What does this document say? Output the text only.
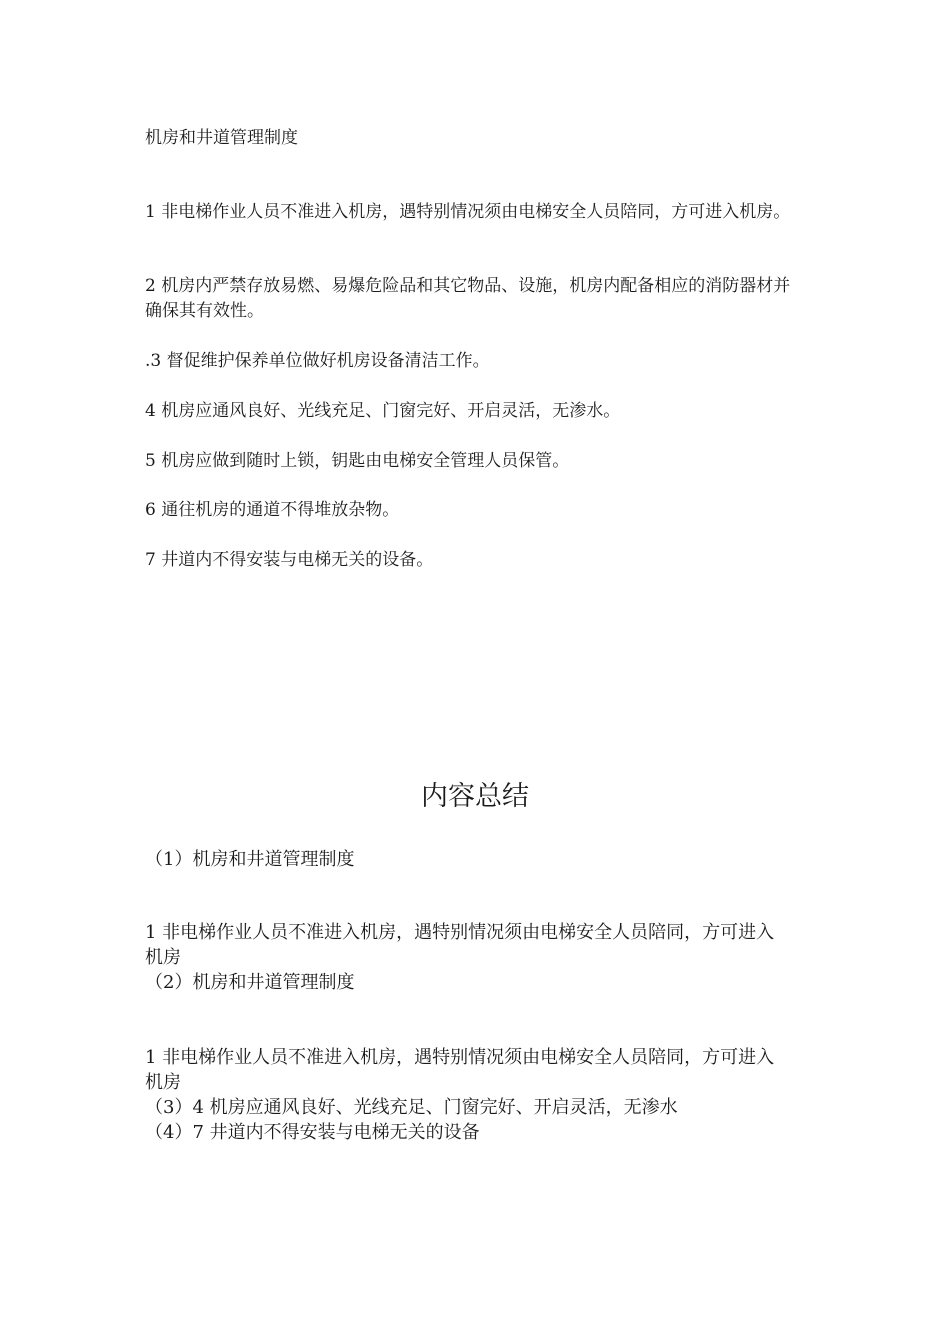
机房和井道管理制度
1 非电梯作业人员不准进入机房，遇特别情况须由电梯安全人员陪同，方可进入机房。
2 机房内严禁存放易燃、易爆危险品和其它物品、设施，机房内配备相应的消防器材并确保其有效性。
.3 督促维护保养单位做好机房设备清洁工作。
4 机房应通风良好、光线充足、门窗完好、开启灵活，无渗水。
5 机房应做到随时上锁，钥匙由电梯安全管理人员保管。
6 通往机房的通道不得堆放杂物。
7 井道内不得安装与电梯无关的设备。
内容总结
（1）机房和井道管理制度
1 非电梯作业人员不准进入机房，遇特别情况须由电梯安全人员陪同，方可进入机房
（2）机房和井道管理制度
1 非电梯作业人员不准进入机房，遇特别情况须由电梯安全人员陪同，方可进入机房
（3）4 机房应通风良好、光线充足、门窗完好、开启灵活，无渗水
（4）7 井道内不得安装与电梯无关的设备
